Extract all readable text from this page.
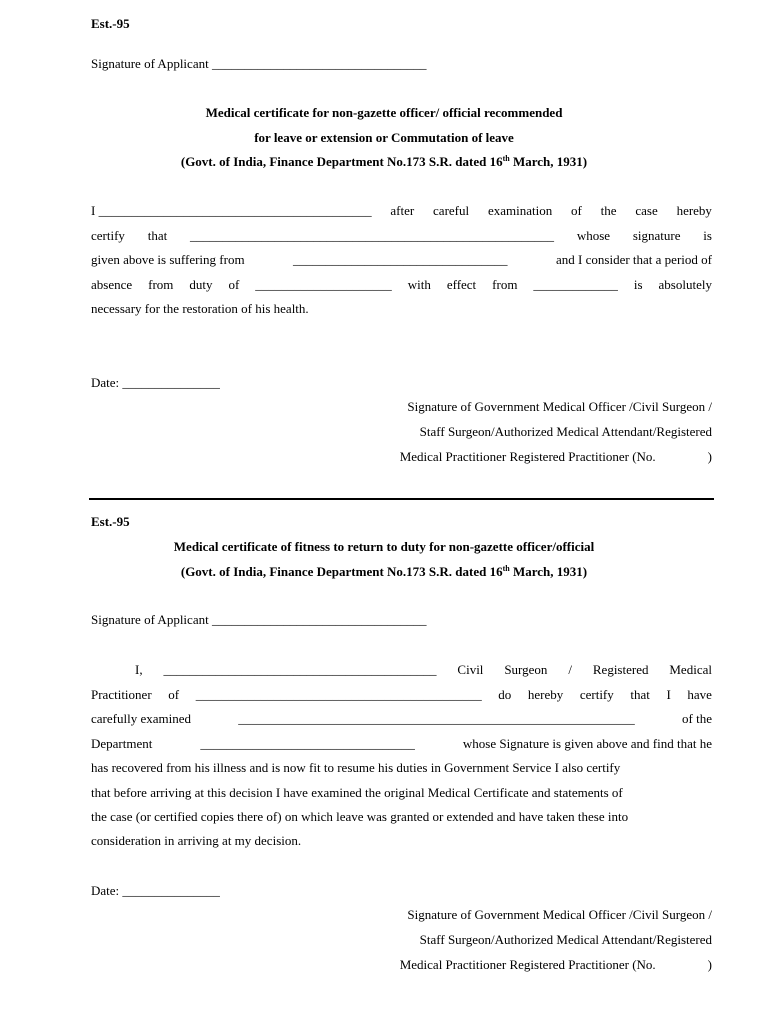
Est.-95
Signature of Applicant _________________________________
Medical certificate for non-gazette officer/ official recommended
for leave or extension or Commutation of leave
(Govt. of India, Finance Department No.173 S.R. dated 16th March, 1931)
I __________________________________________ after careful examination of the case hereby
certify that ________________________________________________________ whose signature is
given above is suffering from	_________________________________	and I consider that a period of
absence from duty of _____________________ with effect from _____________ is absolutely
necessary for the restoration of his health.
Date: _______________
Signature of Government Medical Officer /Civil Surgeon /
Staff Surgeon/Authorized Medical Attendant/Registered
Medical Practitioner Registered Practitioner (No.                )
Est.-95
Medical certificate of fitness to return to duty for non-gazette officer/official
(Govt. of India, Finance Department No.173 S.R. dated 16th March, 1931)
Signature of Applicant _________________________________
I, __________________________________________ Civil Surgeon / Registered Medical
Practitioner of ____________________________________________ do hereby certify that I have
carefully examined	_____________________________________________________________	of the
Department	_________________________________	whose Signature is given above and find that he
has recovered from his illness and is now fit to resume his duties in Government Service I also certify
that before arriving at this decision I have examined the original Medical Certificate and statements of
the case (or certified copies there of) on which leave was granted or extended and have taken these into
consideration in arriving at my decision.
Date: _______________
Signature of Government Medical Officer /Civil Surgeon /
Staff Surgeon/Authorized Medical Attendant/Registered
Medical Practitioner Registered Practitioner (No.                )
